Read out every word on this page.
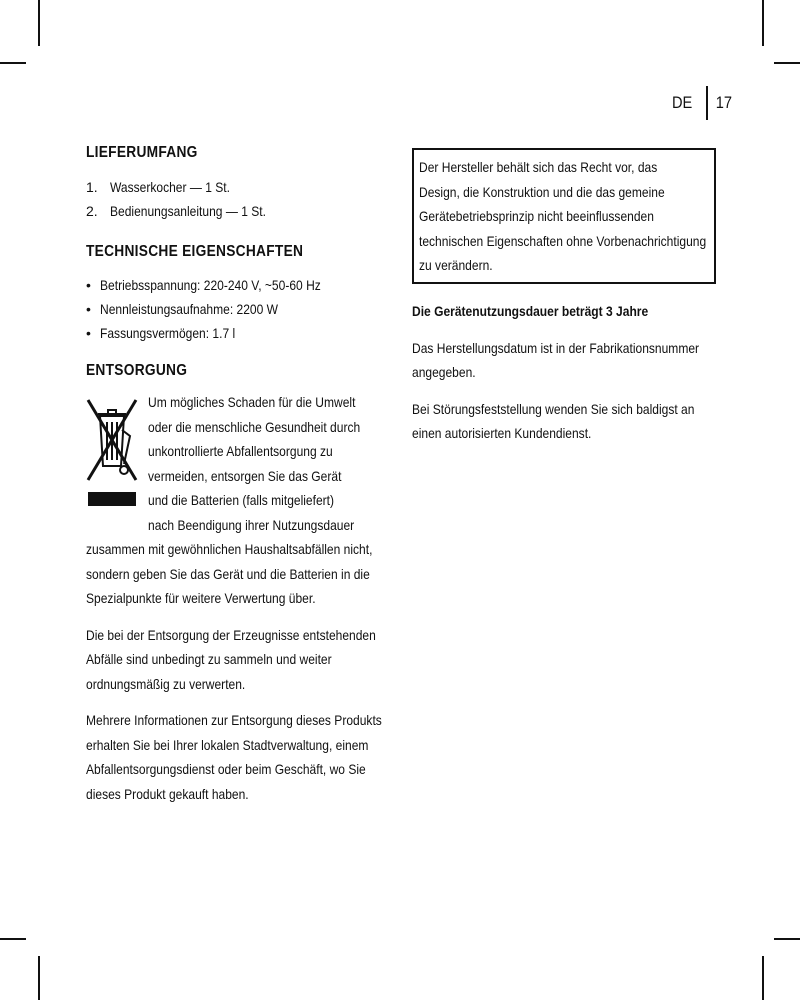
DE	17
LIEFERUMFANG
1. Wasserkocher — 1 St.
2. Bedienungsanleitung — 1 St.
TECHNISCHE EIGENSCHAFTEN
• Betriebsspannung: 220-240 V, ~50-60 Hz
• Nennleistungsaufnahme: 2200 W
• Fassungsvermögen: 1.7 l
ENTSORGUNG
Um mögliches Schaden für die Umwelt
oder die menschliche Gesundheit durch
unkontrollierte Abfallentsorgung zu
vermeiden, entsorgen Sie das Gerät
und die Batterien (falls mitgeliefert)
nach Beendigung ihrer Nutzungsdauer
zusammen mit gewöhnlichen Haushaltsabfällen nicht,
sondern geben Sie das Gerät und die Batterien in die
Spezialpunkte für weitere Verwertung über.
Die bei der Entsorgung der Erzeugnisse entstehenden
Abfälle sind unbedingt zu sammeln und weiter
ordnungsmäßig zu verwerten.
Mehrere Informationen zur Entsorgung dieses Produkts
erhalten Sie bei Ihrer lokalen Stadtverwaltung, einem
Abfallentsorgungsdienst oder beim Geschäft, wo Sie
dieses Produkt gekauft haben.
Der Hersteller behält sich das Recht vor, das
Design, die Konstruktion und die das gemeine
Gerätebetriebsprinzip nicht beeinflussenden
technischen Eigenschaften ohne Vorbenachrichtigung
zu verändern.
Die Gerätenutzungsdauer beträgt 3 Jahre
Das Herstellungsdatum ist in der Fabrikationsnummer
angegeben.
Bei Störungsfeststellung wenden Sie sich baldigst an
einen autorisierten Kundendienst.
